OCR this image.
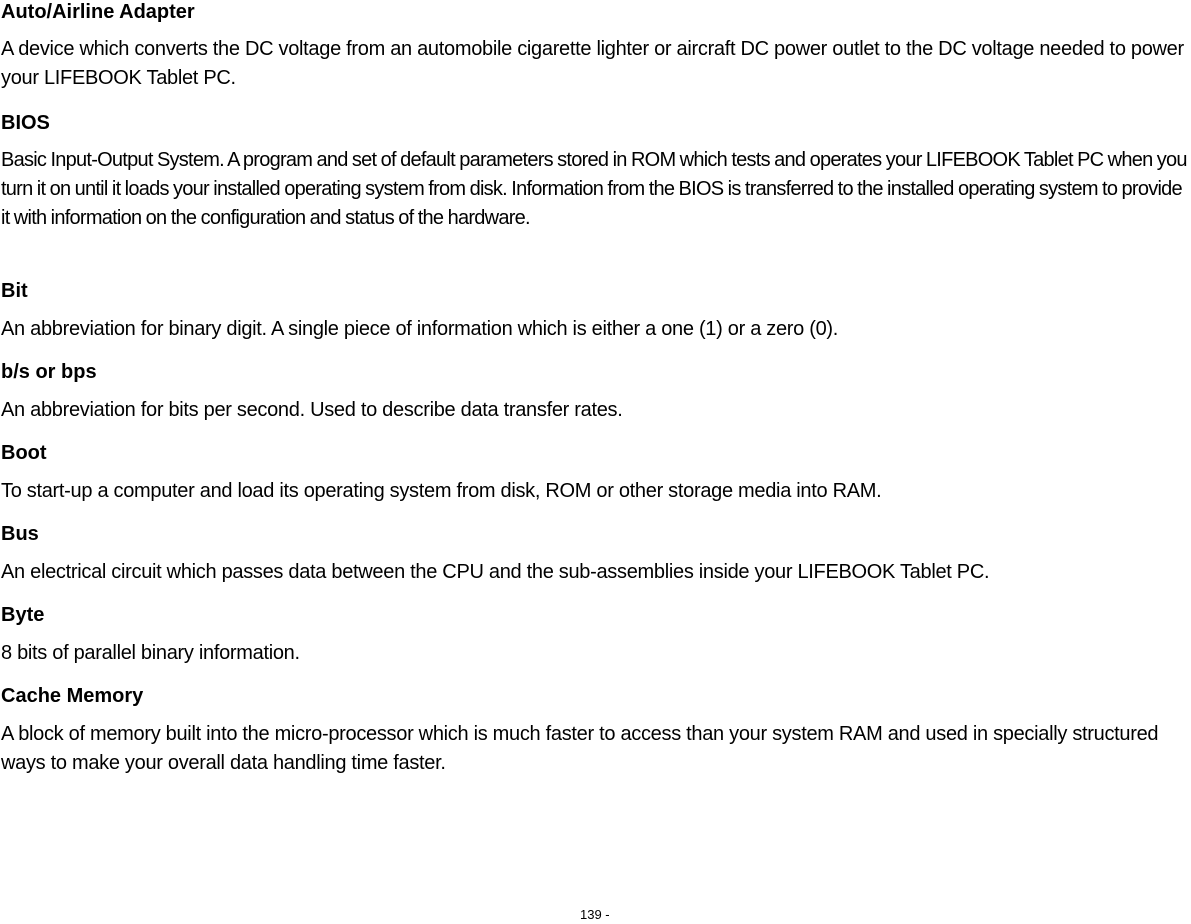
Auto/Airline Adapter

A device which converts the DC voltage from an automobile cigarette lighter or aircraft DC power outlet to the DC voltage needed to power your LIFEBOOK Tablet PC.

BIOS

Basic Input-Output System. A program and set of default parameters stored in ROM which tests and operates your LIFEBOOK Tablet PC when you turn it on until it loads your installed operating system from disk. Information from the BIOS is transferred to the installed operating system to provide it with information on the configuration and status of the hardware.

Bit

An abbreviation for binary digit. A single piece of information which is either a one (1) or a zero (0).

b/s or bps

An abbreviation for bits per second. Used to describe data transfer rates.

Boot

To start-up a computer and load its operating system from disk, ROM or other storage media into RAM.

Bus

An electrical circuit which passes data between the CPU and the sub-assemblies inside your LIFEBOOK Tablet PC.

Byte

8 bits of parallel binary information.

Cache Memory

A block of memory built into the micro-processor which is much faster to access than your system RAM and used in specially structured ways to make your overall data handling time faster.

139 -
